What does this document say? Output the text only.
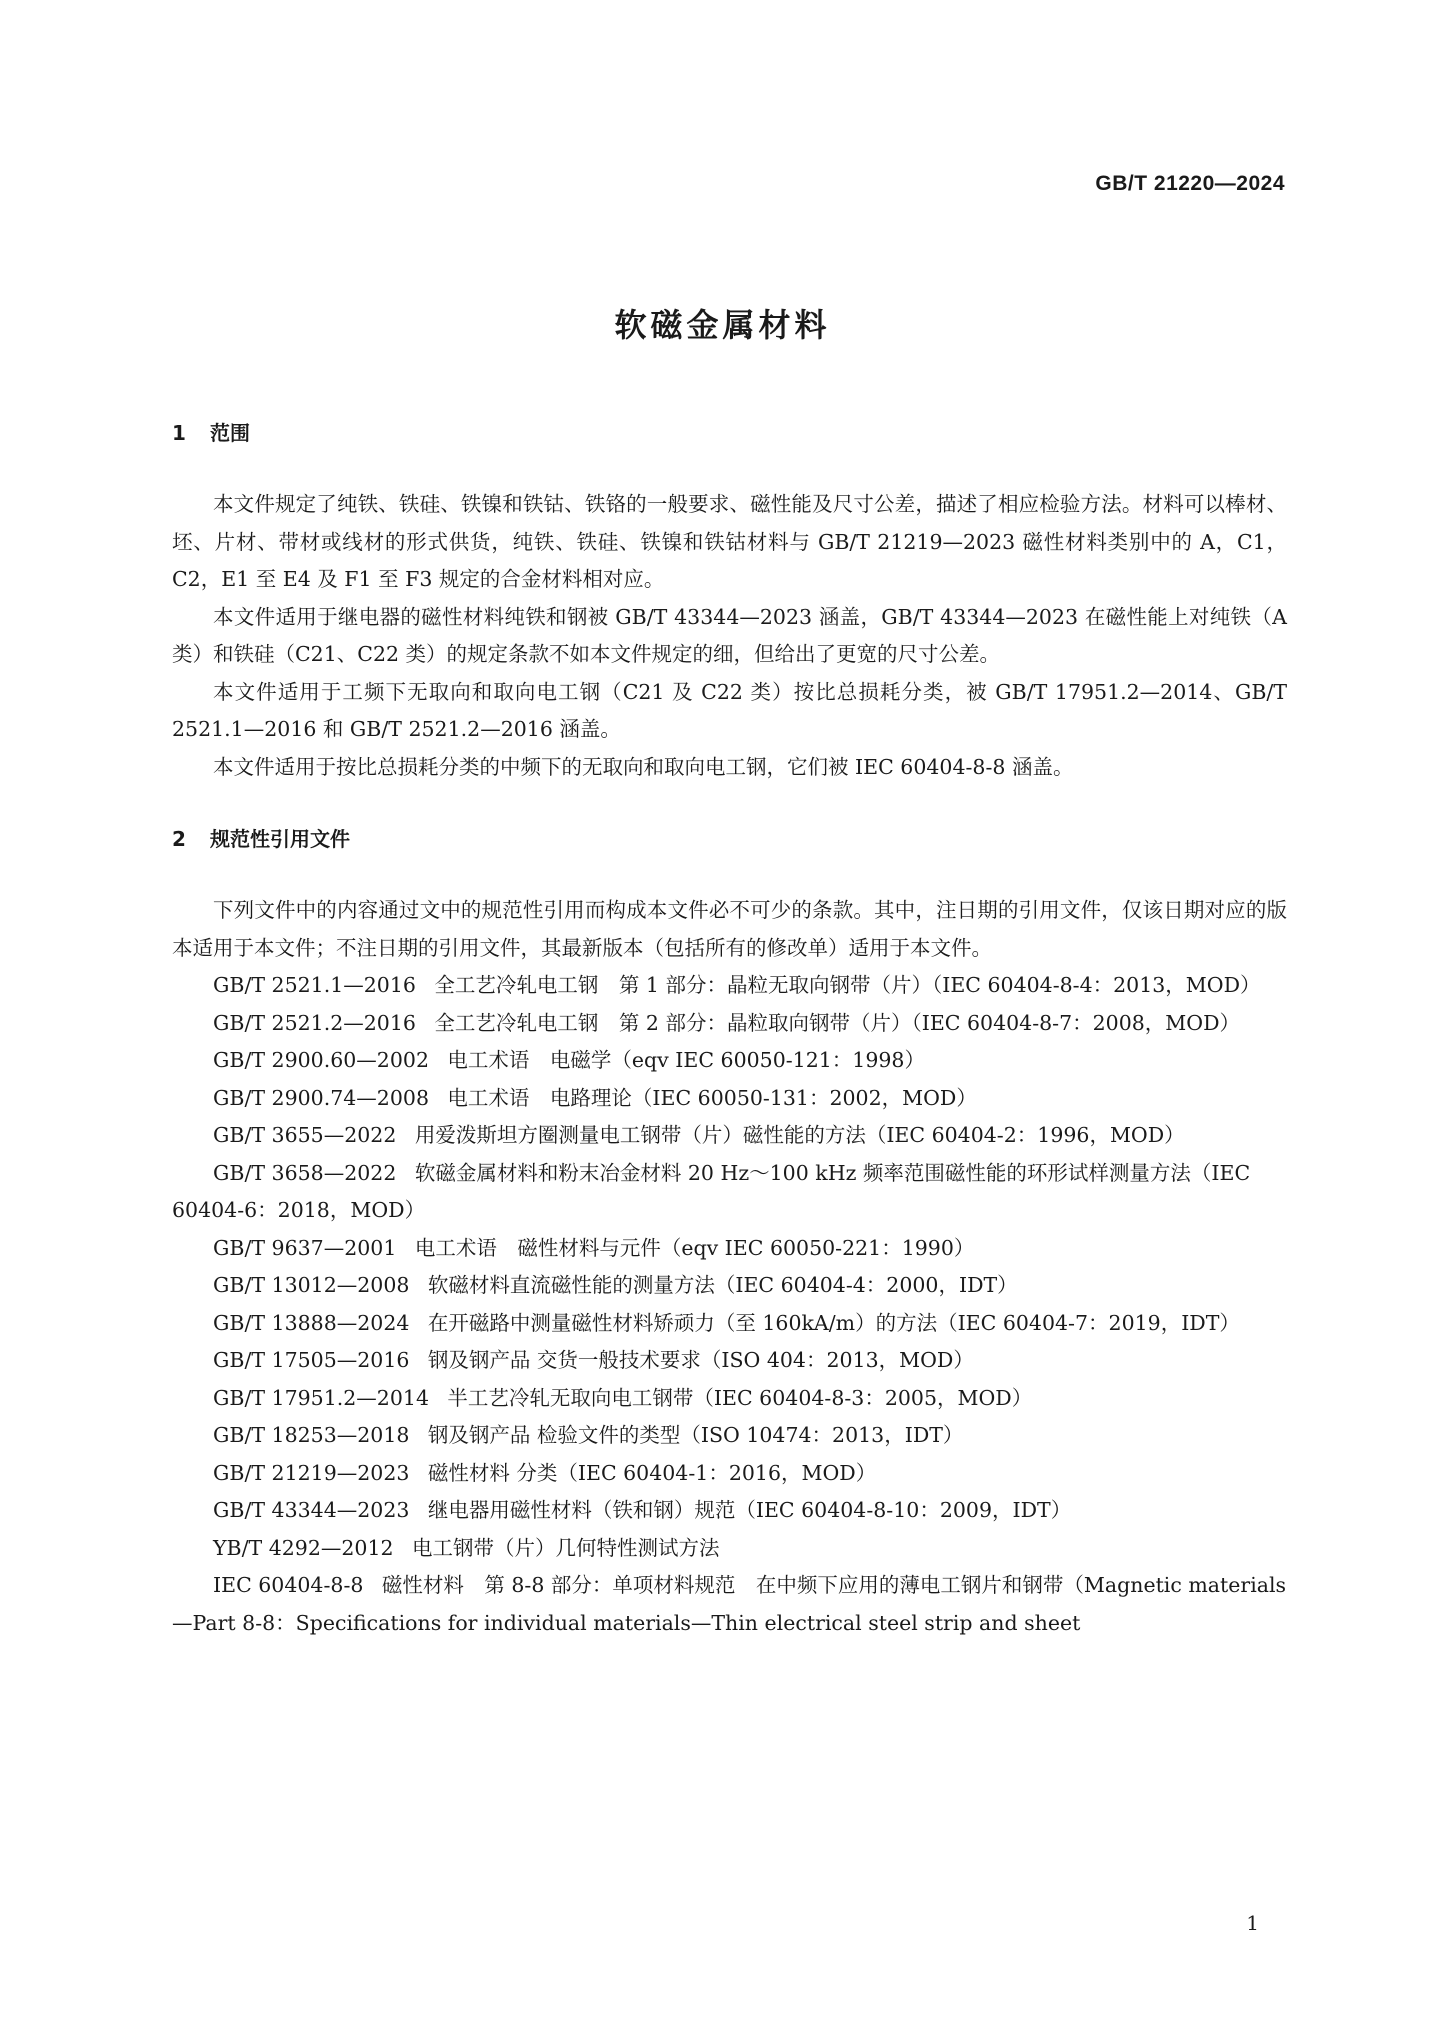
GB/T 21220—2024
软磁金属材料
1 范围

本文件规定了纯铁、铁硅、铁镍和铁钴、铁铬的一般要求、磁性能及尺寸公差，描述了相应检验方法。材料可以棒材、坯、片材、带材或线材的形式供货，纯铁、铁硅、铁镍和铁钴材料与 GB/T 21219—2023 磁性材料类别中的 A，C1，C2，E1 至 E4 及 F1 至 F3 规定的合金材料相对应。

本文件适用于继电器的磁性材料纯铁和钢被 GB/T 43344—2023 涵盖，GB/T 43344—2023 在磁性能上对纯铁（A 类）和铁硅（C21、C22 类）的规定条款不如本文件规定的细，但给出了更宽的尺寸公差。

本文件适用于工频下无取向和取向电工钢（C21 及 C22 类）按比总损耗分类，被 GB/T 17951.2—2014、GB/T 2521.1—2016 和 GB/T 2521.2—2016 涵盖。

本文件适用于按比总损耗分类的中频下的无取向和取向电工钢，它们被 IEC 60404-8-8 涵盖。

2 规范性引用文件

下列文件中的内容通过文中的规范性引用而构成本文件必不可少的条款。其中，注日期的引用文件，仅该日期对应的版本适用于本文件；不注日期的引用文件，其最新版本（包括所有的修改单）适用于本文件。

GB/T 2521.1—2016 全工艺冷轧电工钢　第 1 部分：晶粒无取向钢带（片）（IEC 60404-8-4：2013，MOD）

GB/T 2521.2—2016 全工艺冷轧电工钢　第 2 部分：晶粒取向钢带（片）（IEC 60404-8-7：2008，MOD）

GB/T 2900.60—2002 电工术语　电磁学（eqv IEC 60050-121：1998）

GB/T 2900.74—2008 电工术语　电路理论（IEC 60050-131：2002，MOD）

GB/T 3655—2022 用爱泼斯坦方圈测量电工钢带（片）磁性能的方法（IEC 60404-2：1996，MOD）

GB/T 3658—2022 软磁金属材料和粉末冶金材料 20 Hz～100 kHz 频率范围磁性能的环形试样测量方法（IEC 60404-6：2018，MOD）

GB/T 9637—2001 电工术语　磁性材料与元件（eqv IEC 60050-221：1990）

GB/T 13012—2008 软磁材料直流磁性能的测量方法（IEC 60404-4：2000，IDT）

GB/T 13888—2024 在开磁路中测量磁性材料矫顽力（至 160kA/m）的方法（IEC 60404-7：2019，IDT）

GB/T 17505—2016 钢及钢产品 交货一般技术要求（ISO 404：2013，MOD）

GB/T 17951.2—2014 半工艺冷轧无取向电工钢带（IEC 60404-8-3：2005，MOD）

GB/T 18253—2018 钢及钢产品 检验文件的类型（ISO 10474：2013，IDT）

GB/T 21219—2023 磁性材料 分类（IEC 60404-1：2016，MOD）

GB/T 43344—2023 继电器用磁性材料（铁和钢）规范（IEC 60404-8-10：2009，IDT）

YB/T 4292—2012 电工钢带（片）几何特性测试方法

IEC 60404-8-8 磁性材料　第 8-8 部分：单项材料规范　在中频下应用的薄电工钢片和钢带（Magnetic materials—Part 8-8：Specifications for individual materials—Thin electrical steel strip and sheet

1
